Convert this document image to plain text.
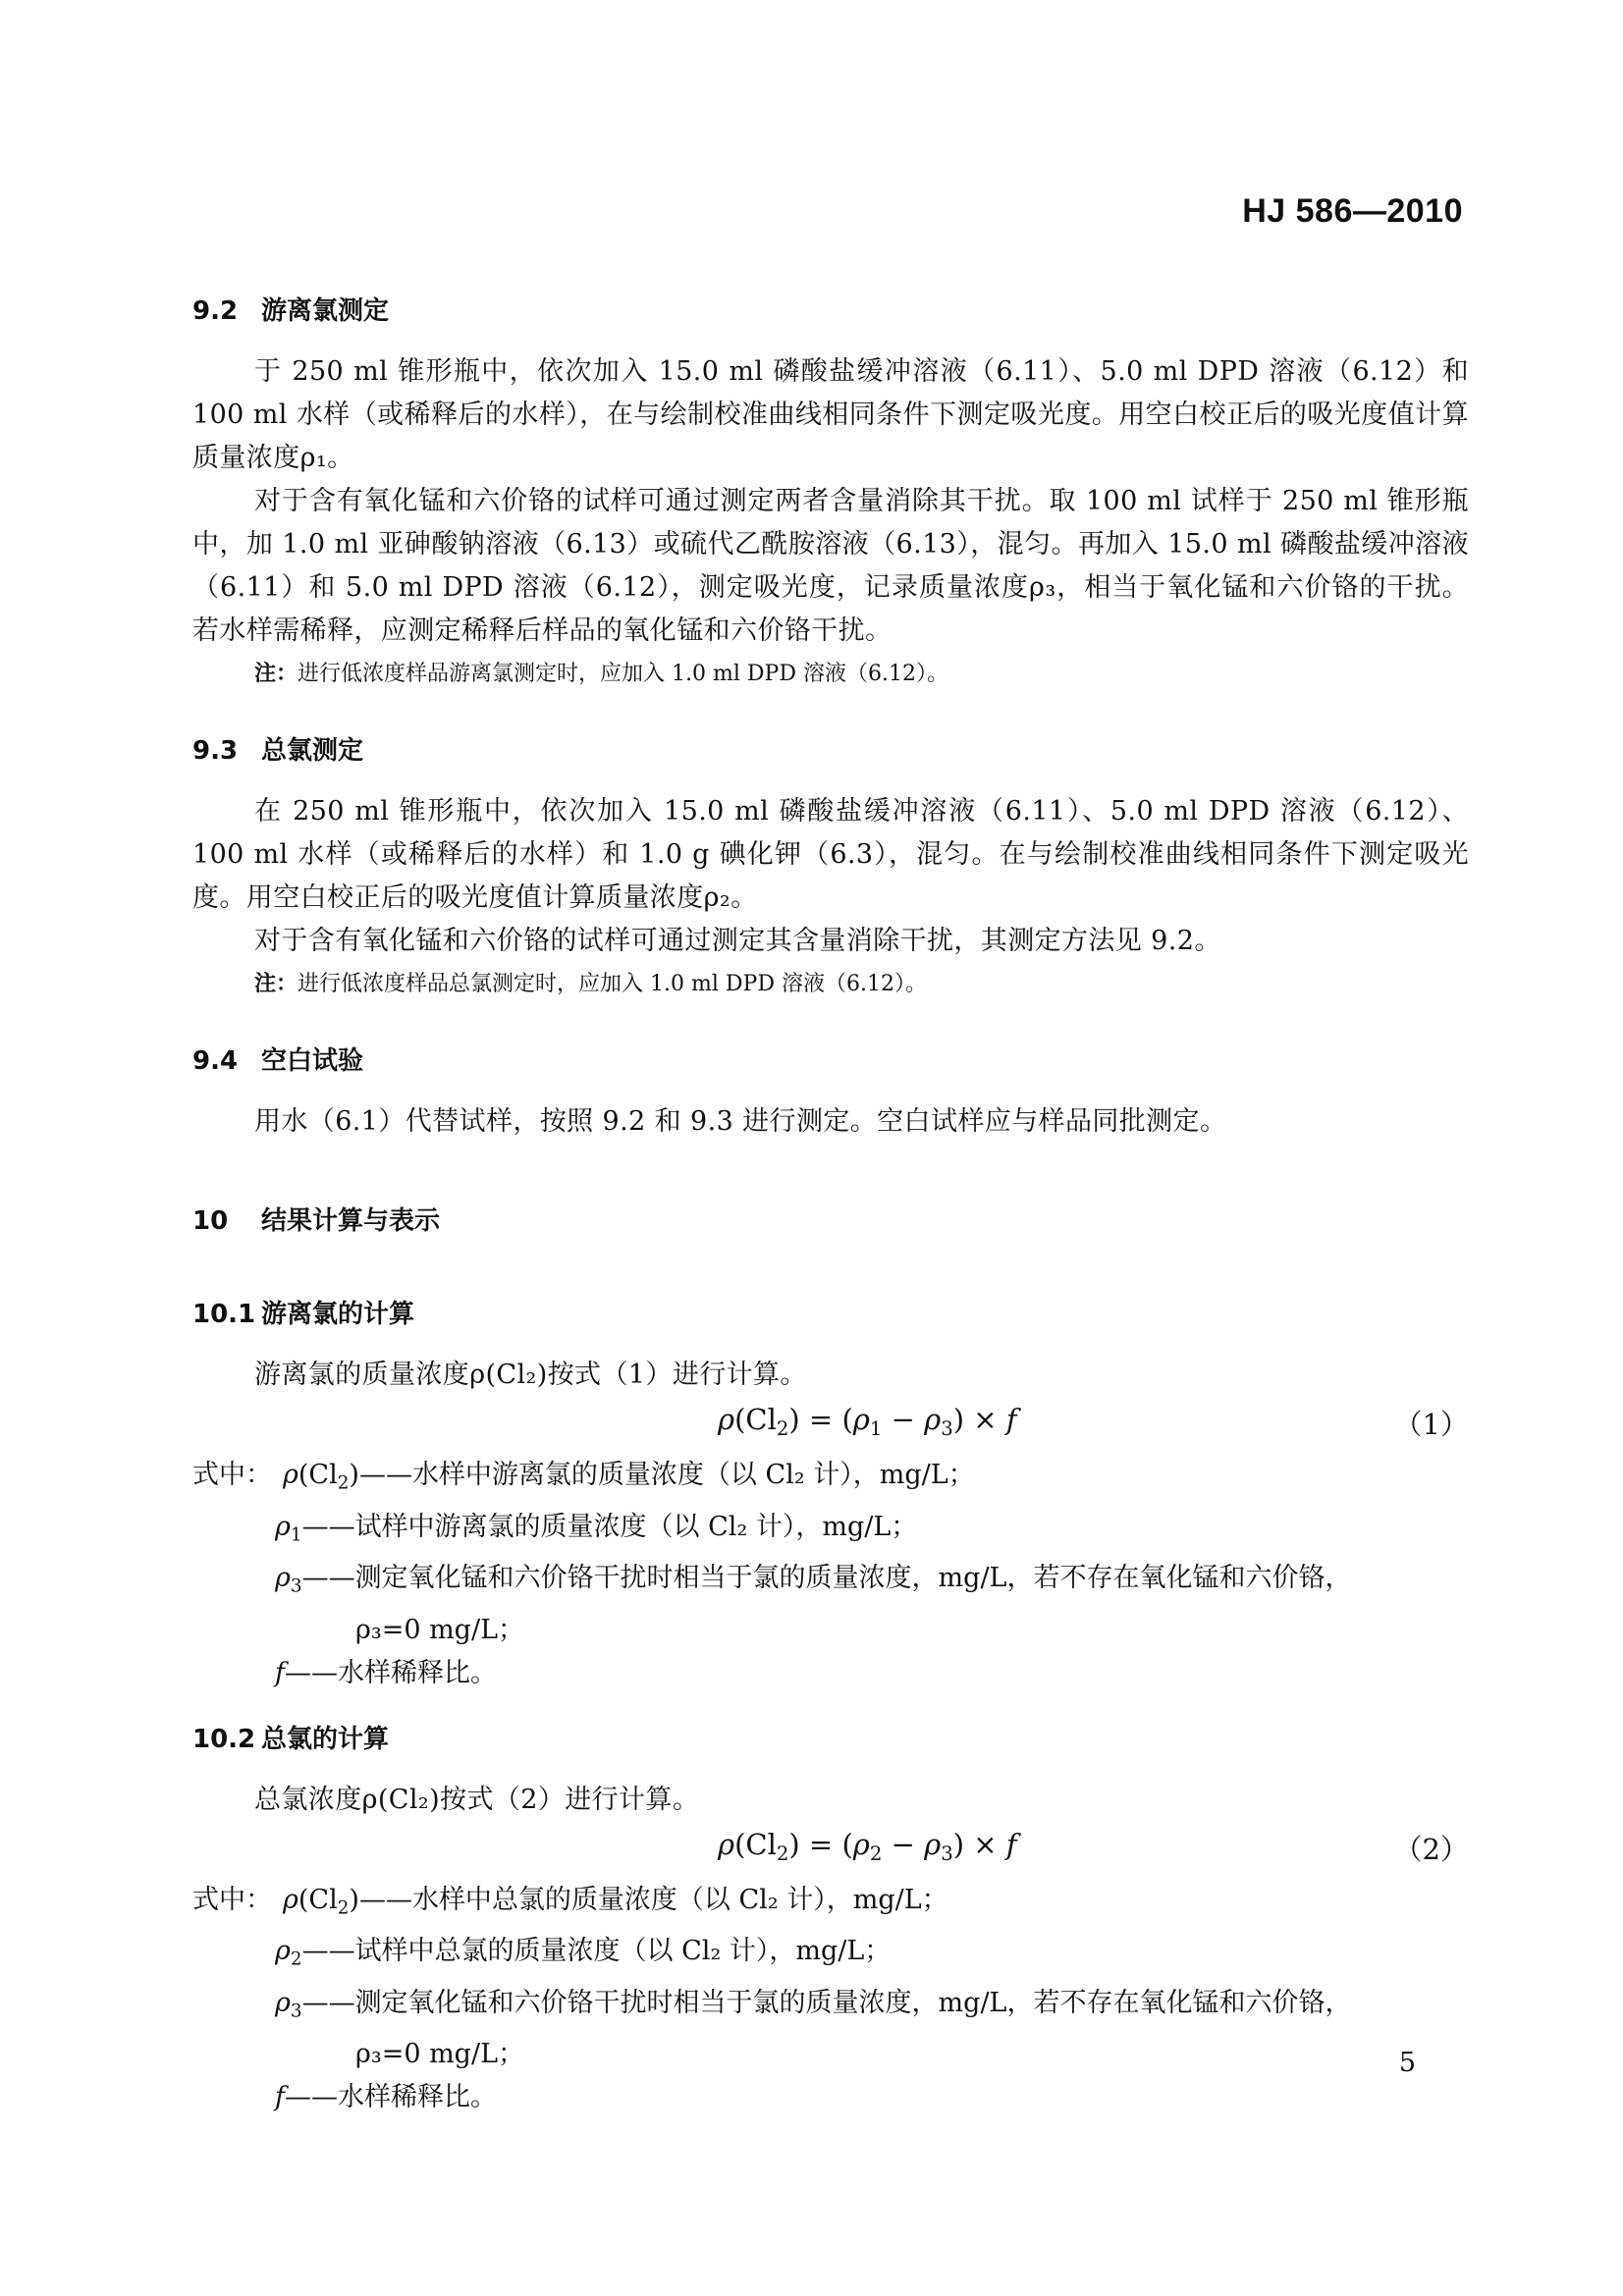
HJ 586—2010
9.2 游离氯测定

于 250 ml 锥形瓶中，依次加入 15.0 ml 磷酸盐缓冲溶液（6.11）、5.0 ml DPD 溶液（6.12）和 100 ml 水样（或稀释后的水样），在与绘制校准曲线相同条件下测定吸光度。用空白校正后的吸光度值计算质量浓度ρ₁。

对于含有氧化锰和六价铬的试样可通过测定两者含量消除其干扰。取 100 ml 试样于 250 ml 锥形瓶中，加 1.0 ml 亚砷酸钠溶液（6.13）或硫代乙酰胺溶液（6.13），混匀。再加入 15.0 ml 磷酸盐缓冲溶液（6.11）和 5.0 ml DPD 溶液（6.12），测定吸光度，记录质量浓度ρ₃，相当于氧化锰和六价铬的干扰。若水样需稀释，应测定稀释后样品的氧化锰和六价铬干扰。

注：进行低浓度样品游离氯测定时，应加入 1.0 ml DPD 溶液（6.12）。

9.3 总氯测定

在 250 ml 锥形瓶中，依次加入 15.0 ml 磷酸盐缓冲溶液（6.11）、5.0 ml DPD 溶液（6.12）、100 ml 水样（或稀释后的水样）和 1.0 g 碘化钾（6.3），混匀。在与绘制校准曲线相同条件下测定吸光度。用空白校正后的吸光度值计算质量浓度ρ₂。

对于含有氧化锰和六价铬的试样可通过测定其含量消除干扰，其测定方法见 9.2。

注：进行低浓度样品总氯测定时，应加入 1.0 ml DPD 溶液（6.12）。

9.4 空白试验

用水（6.1）代替试样，按照 9.2 和 9.3 进行测定。空白试样应与样品同批测定。

10 结果计算与表示
10.1 游离氯的计算

游离氯的质量浓度ρ(Cl₂)按式（1）进行计算。

$\rho(Cl_2) = (\rho_1 - \rho_3) \times f$	（1）

式中： $\rho(Cl_2)——$水样中游离氯的质量浓度（以 Cl₂ 计），mg/L；

$\rho_1——$试样中游离氯的质量浓度（以 Cl₂ 计），mg/L；

$\rho_3——$测定氧化锰和六价铬干扰时相当于氯的质量浓度，mg/L，若不存在氧化锰和六价铬，

ρ₃=0 mg/L；

f——水样稀释比。

10.2 总氯的计算

总氯浓度ρ(Cl₂)按式（2）进行计算。

$\rho(Cl_2) = (\rho_2 - \rho_3) \times f$	（2）

式中： $\rho(Cl_2)——$水样中总氯的质量浓度（以 Cl₂ 计），mg/L；

$\rho_2——$试样中总氯的质量浓度（以 Cl₂ 计），mg/L；

$\rho_3——$测定氧化锰和六价铬干扰时相当于氯的质量浓度，mg/L，若不存在氧化锰和六价铬，

ρ₃=0 mg/L；

f——水样稀释比。

5
